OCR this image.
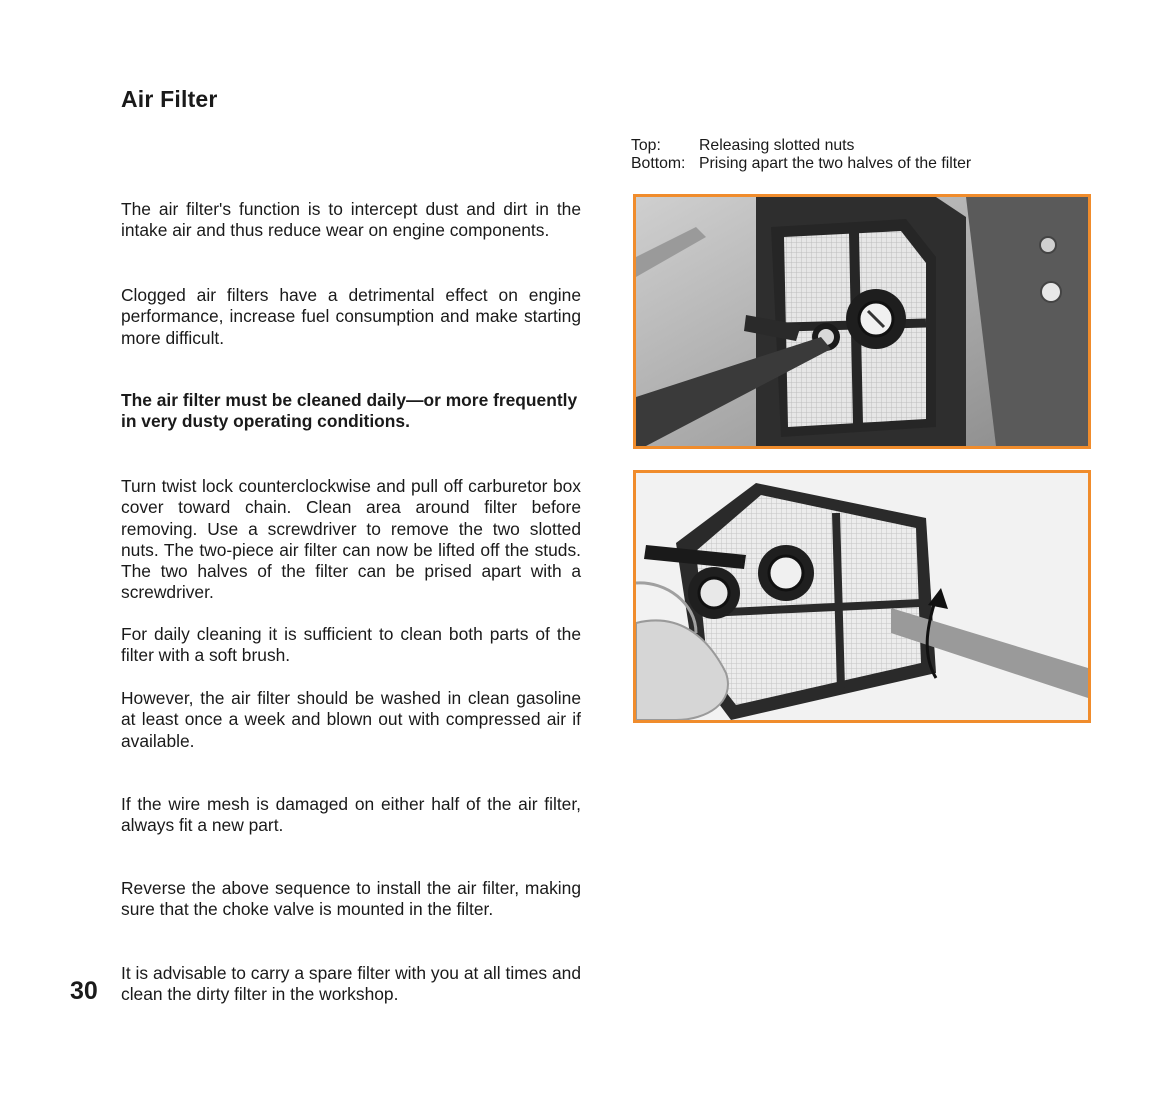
Air Filter

The air filter's function is to intercept dust and dirt in the intake air and thus reduce wear on engine components.

Clogged air filters have a detrimental effect on engine performance, increase fuel consumption and make starting more difficult.

The air filter must be cleaned daily—or more frequently in very dusty operating conditions.

Turn twist lock counterclockwise and pull off carburetor box cover toward chain. Clean area around filter before removing. Use a screwdriver to remove the two slotted nuts. The two-piece air filter can now be lifted off the studs. The two halves of the filter can be prised apart with a screwdriver.

For daily cleaning it is sufficient to clean both parts of the filter with a soft brush.

However, the air filter should be washed in clean gasoline at least once a week and blown out with compressed air if available.

If the wire mesh is damaged on either half of the air filter, always fit a new part.

Reverse the above sequence to install the air filter, making sure that the choke valve is mounted in the filter.

It is advisable to carry a spare filter with you at all times and clean the dirty filter in the workshop.

30
Top:	Releasing slotted nuts
Bottom: Prising apart the two halves of the filter
